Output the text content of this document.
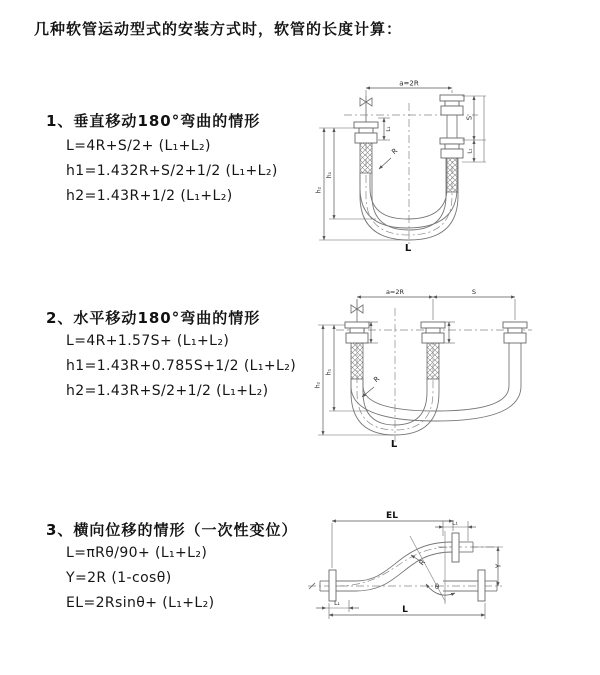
几种软管运动型式的安装方式时，软管的长度计算：
1、垂直移动180°弯曲的情形
L=4R+S/2+ (L₁+L₂)
h1=1.432R+S/2+1/2 (L₁+L₂)
h2=1.43R+1/2 (L₁+L₂)
2、水平移动180°弯曲的情形
L=4R+1.57S+ (L₁+L₂)
h1=1.43R+0.785S+1/2 (L₁+L₂)
h2=1.43R+S/2+1/2 (L₁+L₂)
3、横向位移的情形（一次性变位）
L=πRθ/90+ (L₁+L₂)
Y=2R (1-cosθ)
EL=2Rsinθ+ (L₁+L₂)
a=2R
L₁
h₂
h₁
S
L₁
R
L
a=2R	S
h₂
h₁
R
L
θ
EL
L₁
Y
L
L₁
R
